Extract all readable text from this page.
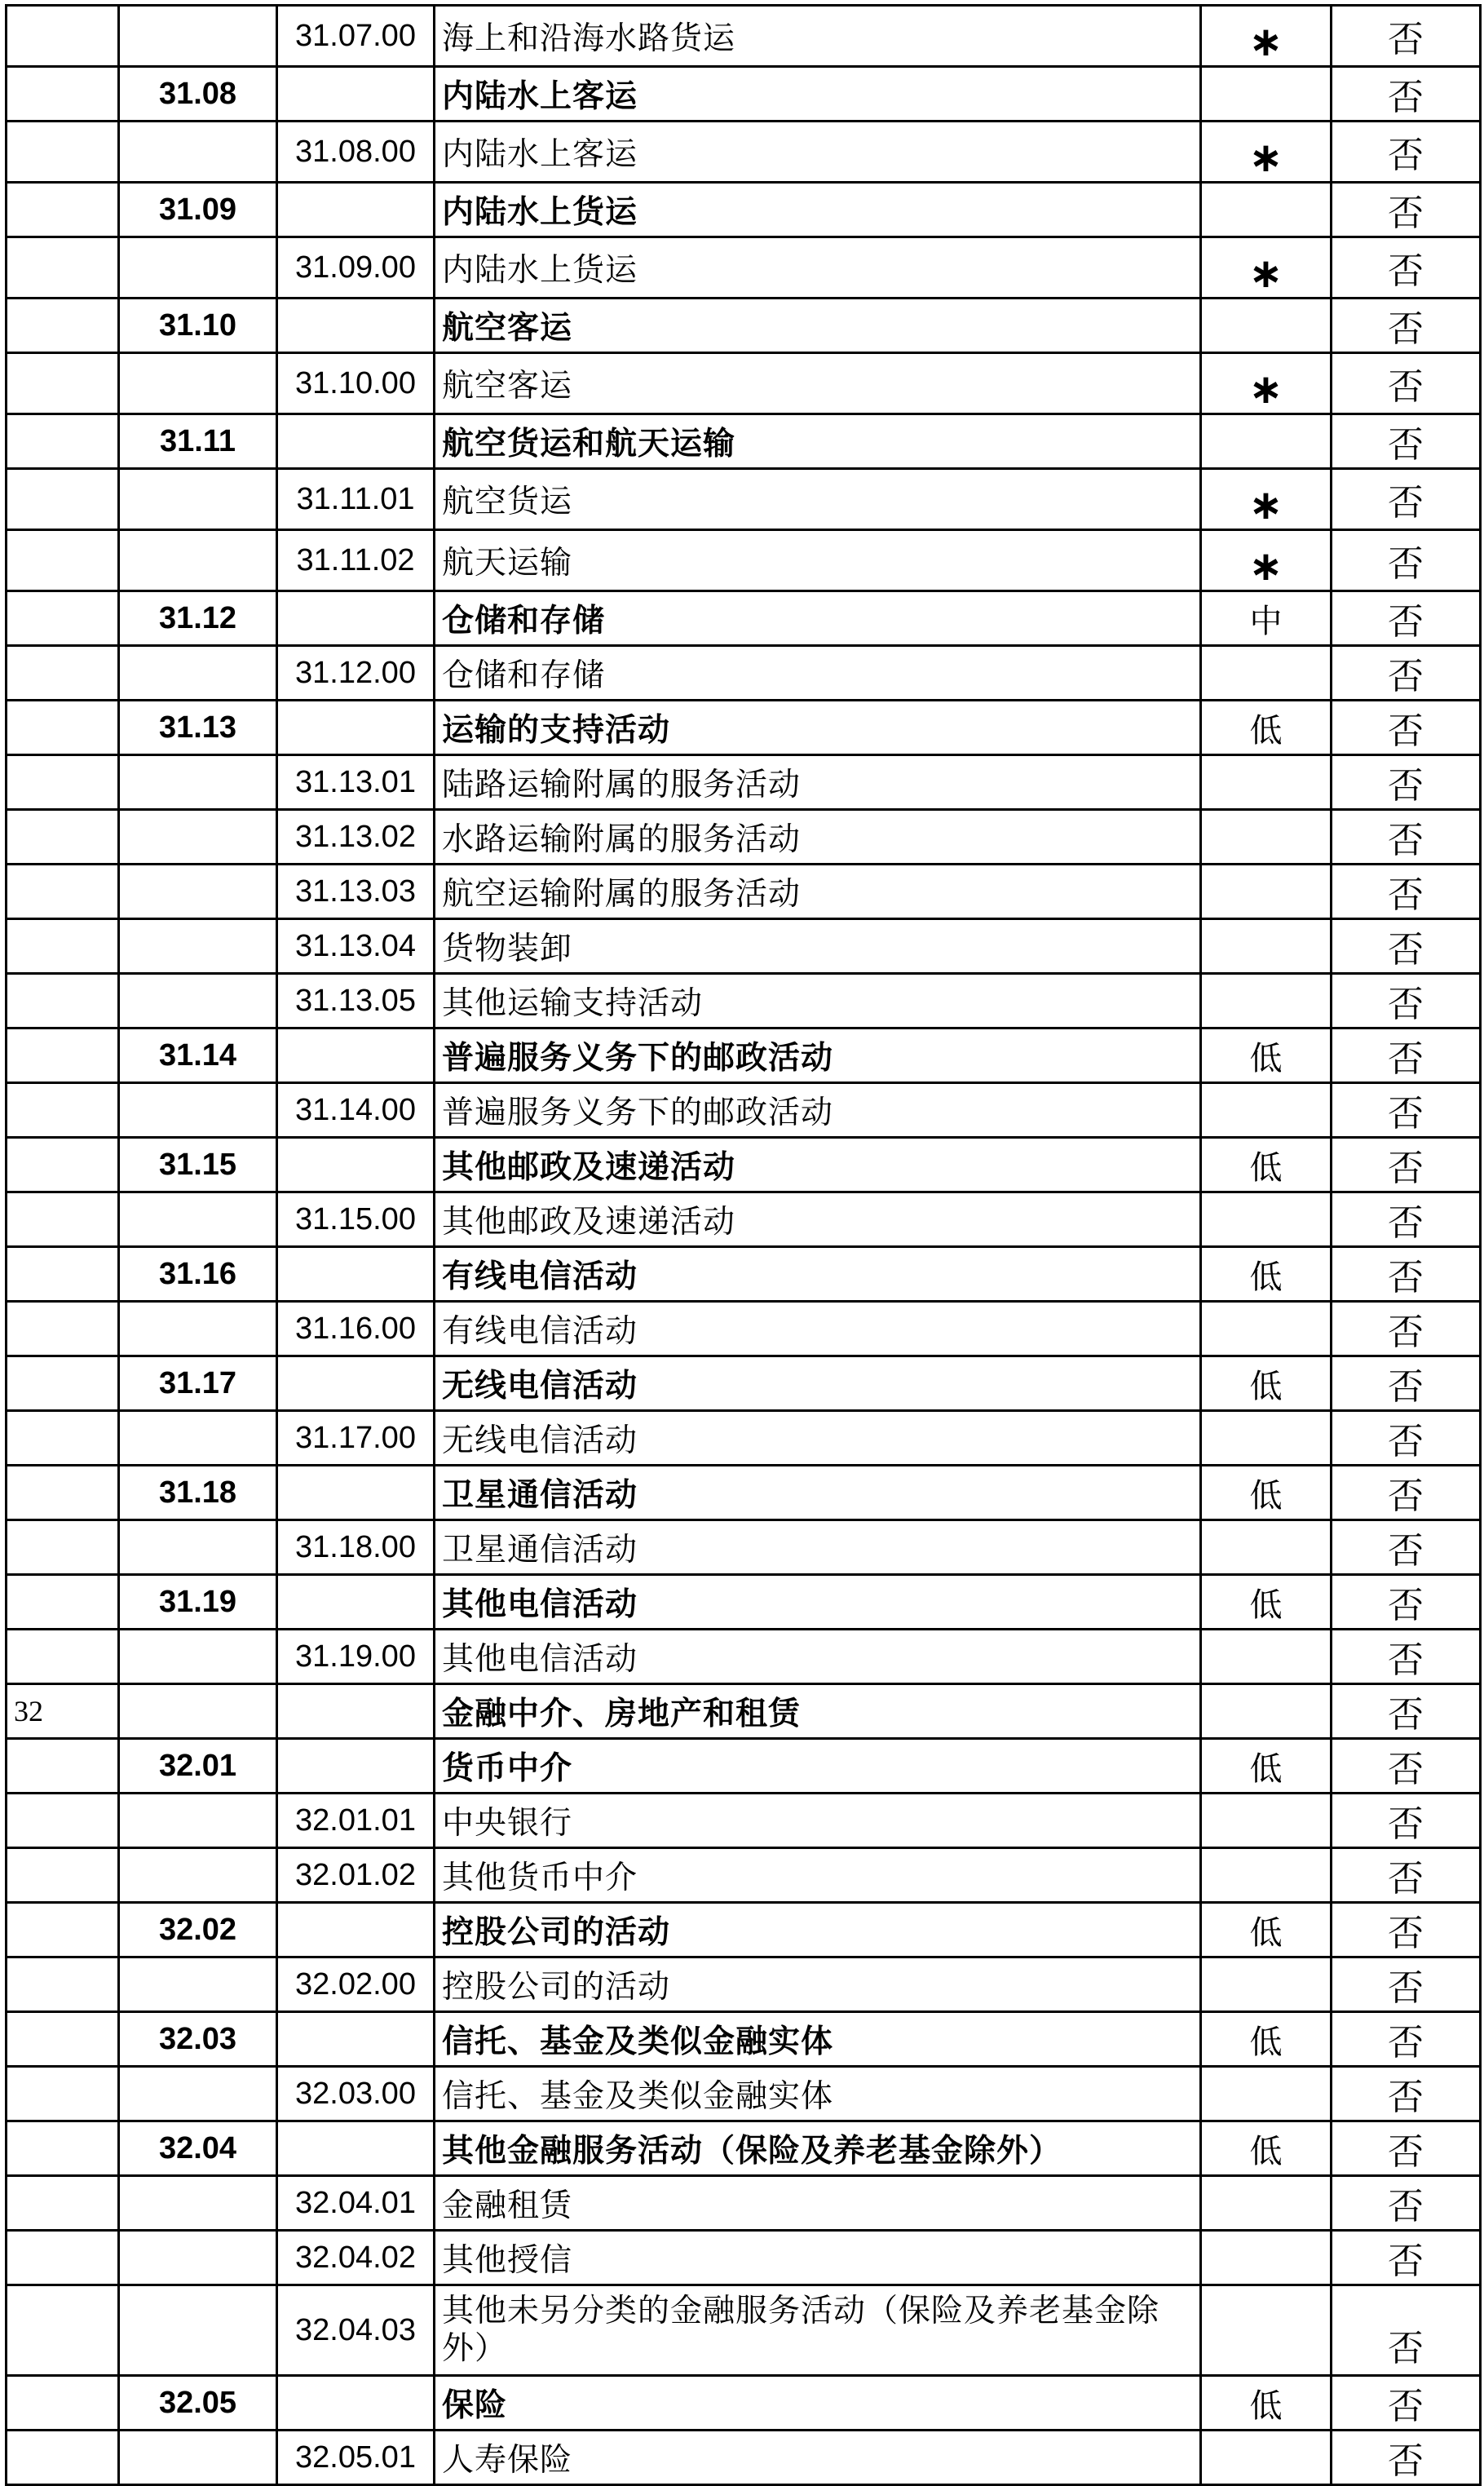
		31.07.00	海上和沿海水路货运	∗	否
	31.08		内陆水上客运		否
		31.08.00	内陆水上客运	∗	否
	31.09		内陆水上货运		否
		31.09.00	内陆水上货运	∗	否
	31.10		航空客运		否
		31.10.00	航空客运	∗	否
	31.11		航空货运和航天运输		否
		31.11.01	航空货运	∗	否
		31.11.02	航天运输	∗	否
	31.12		仓储和存储	中	否
		31.12.00	仓储和存储		否
	31.13		运输的支持活动	低	否
		31.13.01	陆路运输附属的服务活动		否
		31.13.02	水路运输附属的服务活动		否
		31.13.03	航空运输附属的服务活动		否
		31.13.04	货物装卸		否
		31.13.05	其他运输支持活动		否
	31.14		普遍服务义务下的邮政活动	低	否
		31.14.00	普遍服务义务下的邮政活动		否
	31.15		其他邮政及速递活动	低	否
		31.15.00	其他邮政及速递活动		否
	31.16		有线电信活动	低	否
		31.16.00	有线电信活动		否
	31.17		无线电信活动	低	否
		31.17.00	无线电信活动		否
	31.18		卫星通信活动	低	否
		31.18.00	卫星通信活动		否
	31.19		其他电信活动	低	否
		31.19.00	其他电信活动		否
32			金融中介、房地产和租赁		否
	32.01		货币中介	低	否
		32.01.01	中央银行		否
		32.01.02	其他货币中介		否
	32.02		控股公司的活动	低	否
		32.02.00	控股公司的活动		否
	32.03		信托、基金及类似金融实体	低	否
		32.03.00	信托、基金及类似金融实体		否
	32.04		其他金融服务活动（保险及养老基金除外）	低	否
		32.04.01	金融租赁		否
		32.04.02	其他授信		否
		32.04.03	其他未另分类的金融服务活动（保险及养老基金除外）		否
	32.05		保险	低	否
		32.05.01	人寿保险		否
